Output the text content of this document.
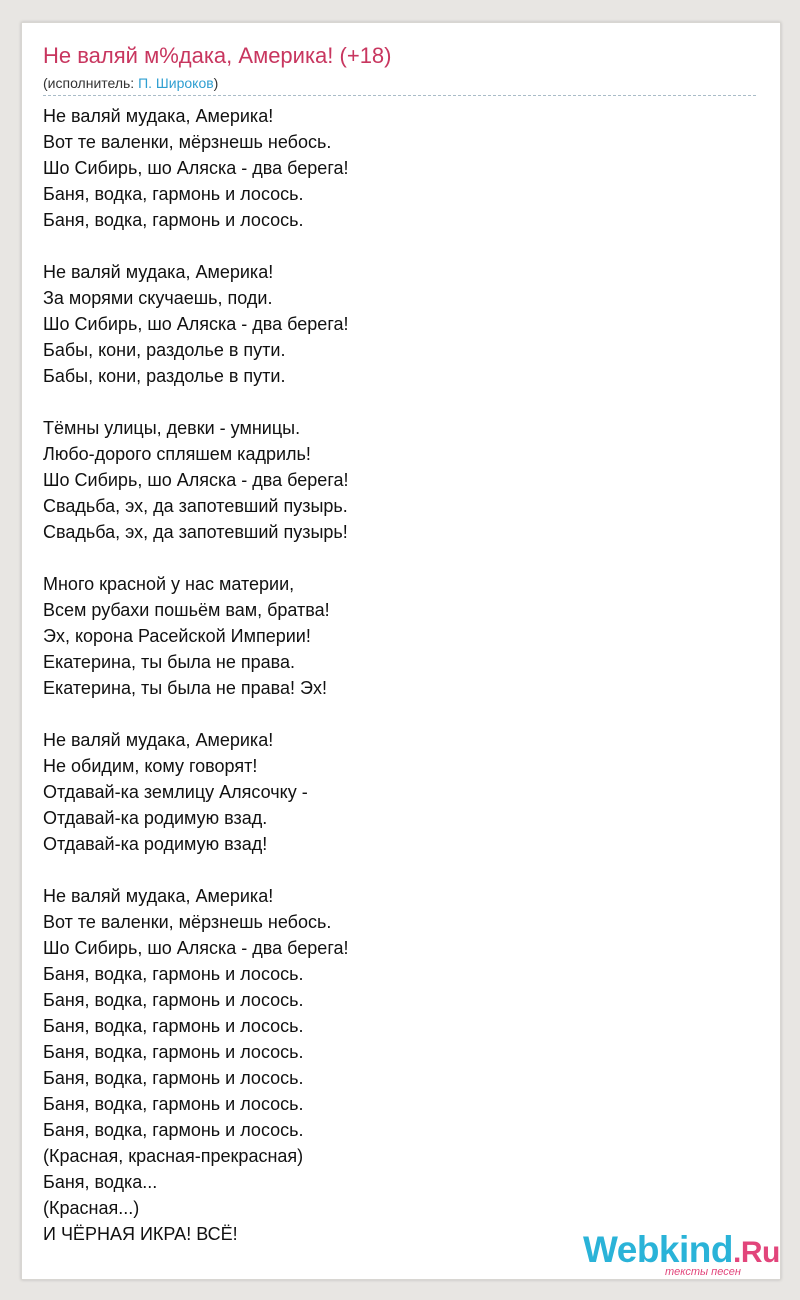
Не валяй м%дака, Америка! (+18)
(исполнитель: П. Широков)
Не валяй мудака, Америка!
Вот те валенки, мёрзнешь небось.
Шо Сибирь, шо Аляска - два берега!
Баня, водка, гармонь и лосось.
Баня, водка, гармонь и лосось.
Не валяй мудака, Америка!
За морями скучаешь, поди.
Шо Сибирь, шо Аляска - два берега!
Бабы, кони, раздолье в пути.
Бабы, кони, раздолье в пути.
Тёмны улицы, девки - умницы.
Любо-дорого спляшем кадриль!
Шо Сибирь, шо Аляска - два берега!
Свадьба, эх, да запотевший пузырь.
Свадьба, эх, да запотевший пузырь!
Много красной у нас материи,
Всем рубахи пошьём вам, братва!
Эх, корона Расейской Империи!
Екатерина, ты была не права.
Екатерина, ты была не права! Эх!
Не валяй мудака, Америка!
Не обидим, кому говорят!
Отдавай-ка землицу Алясочку -
Отдавай-ка родимую взад.
Отдавай-ка родимую взад!
Не валяй мудака, Америка!
Вот те валенки, мёрзнешь небось.
Шо Сибирь, шо Аляска - два берега!
Баня, водка, гармонь и лосось.
Баня, водка, гармонь и лосось.
Баня, водка, гармонь и лосось.
Баня, водка, гармонь и лосось.
Баня, водка, гармонь и лосось.
Баня, водка, гармонь и лосось.
Баня, водка, гармонь и лосось.
(Красная, красная-прекрасная)
Баня, водка...
(Красная...)
И ЧЁРНАЯ ИКРА! ВСЁ!	Webkind.Ru
тексты песен
